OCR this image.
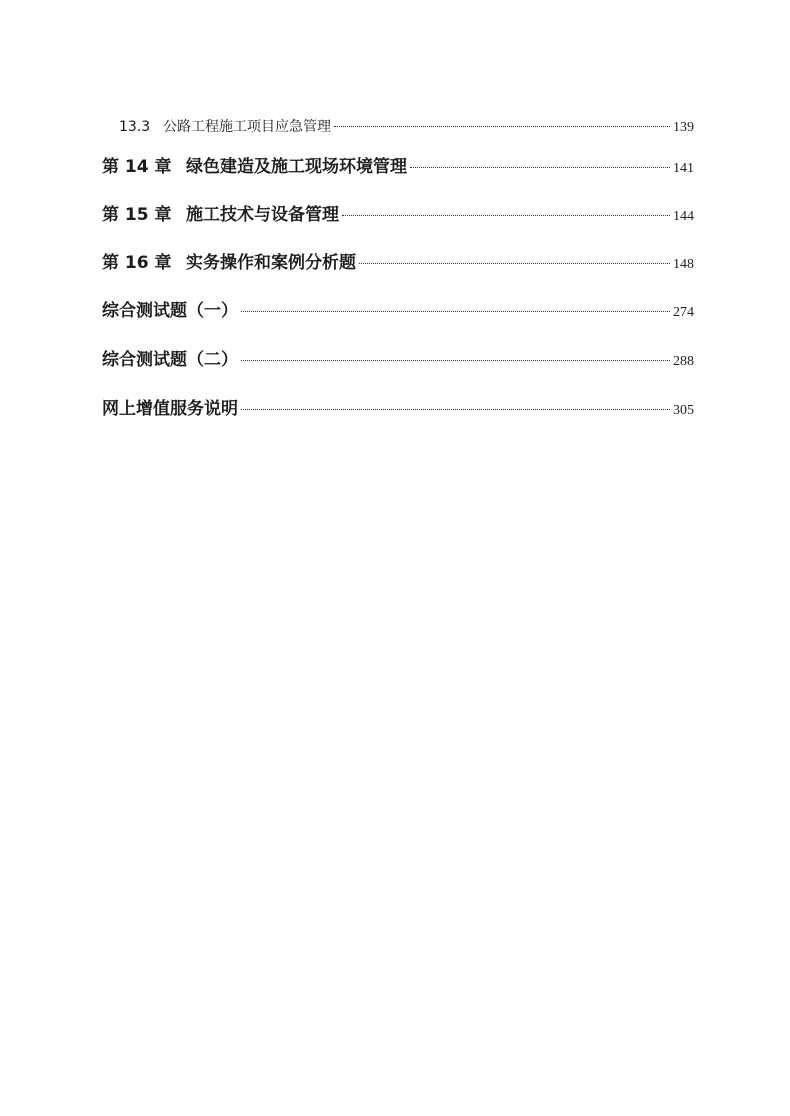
13.3 公路工程施工项目应急管理	139
第 14 章 绿色建造及施工现场环境管理	141
第 15 章 施工技术与设备管理	144
第 16 章 实务操作和案例分析题	148
综合测试题（一）	274
综合测试题（二）	288
网上增值服务说明	305
